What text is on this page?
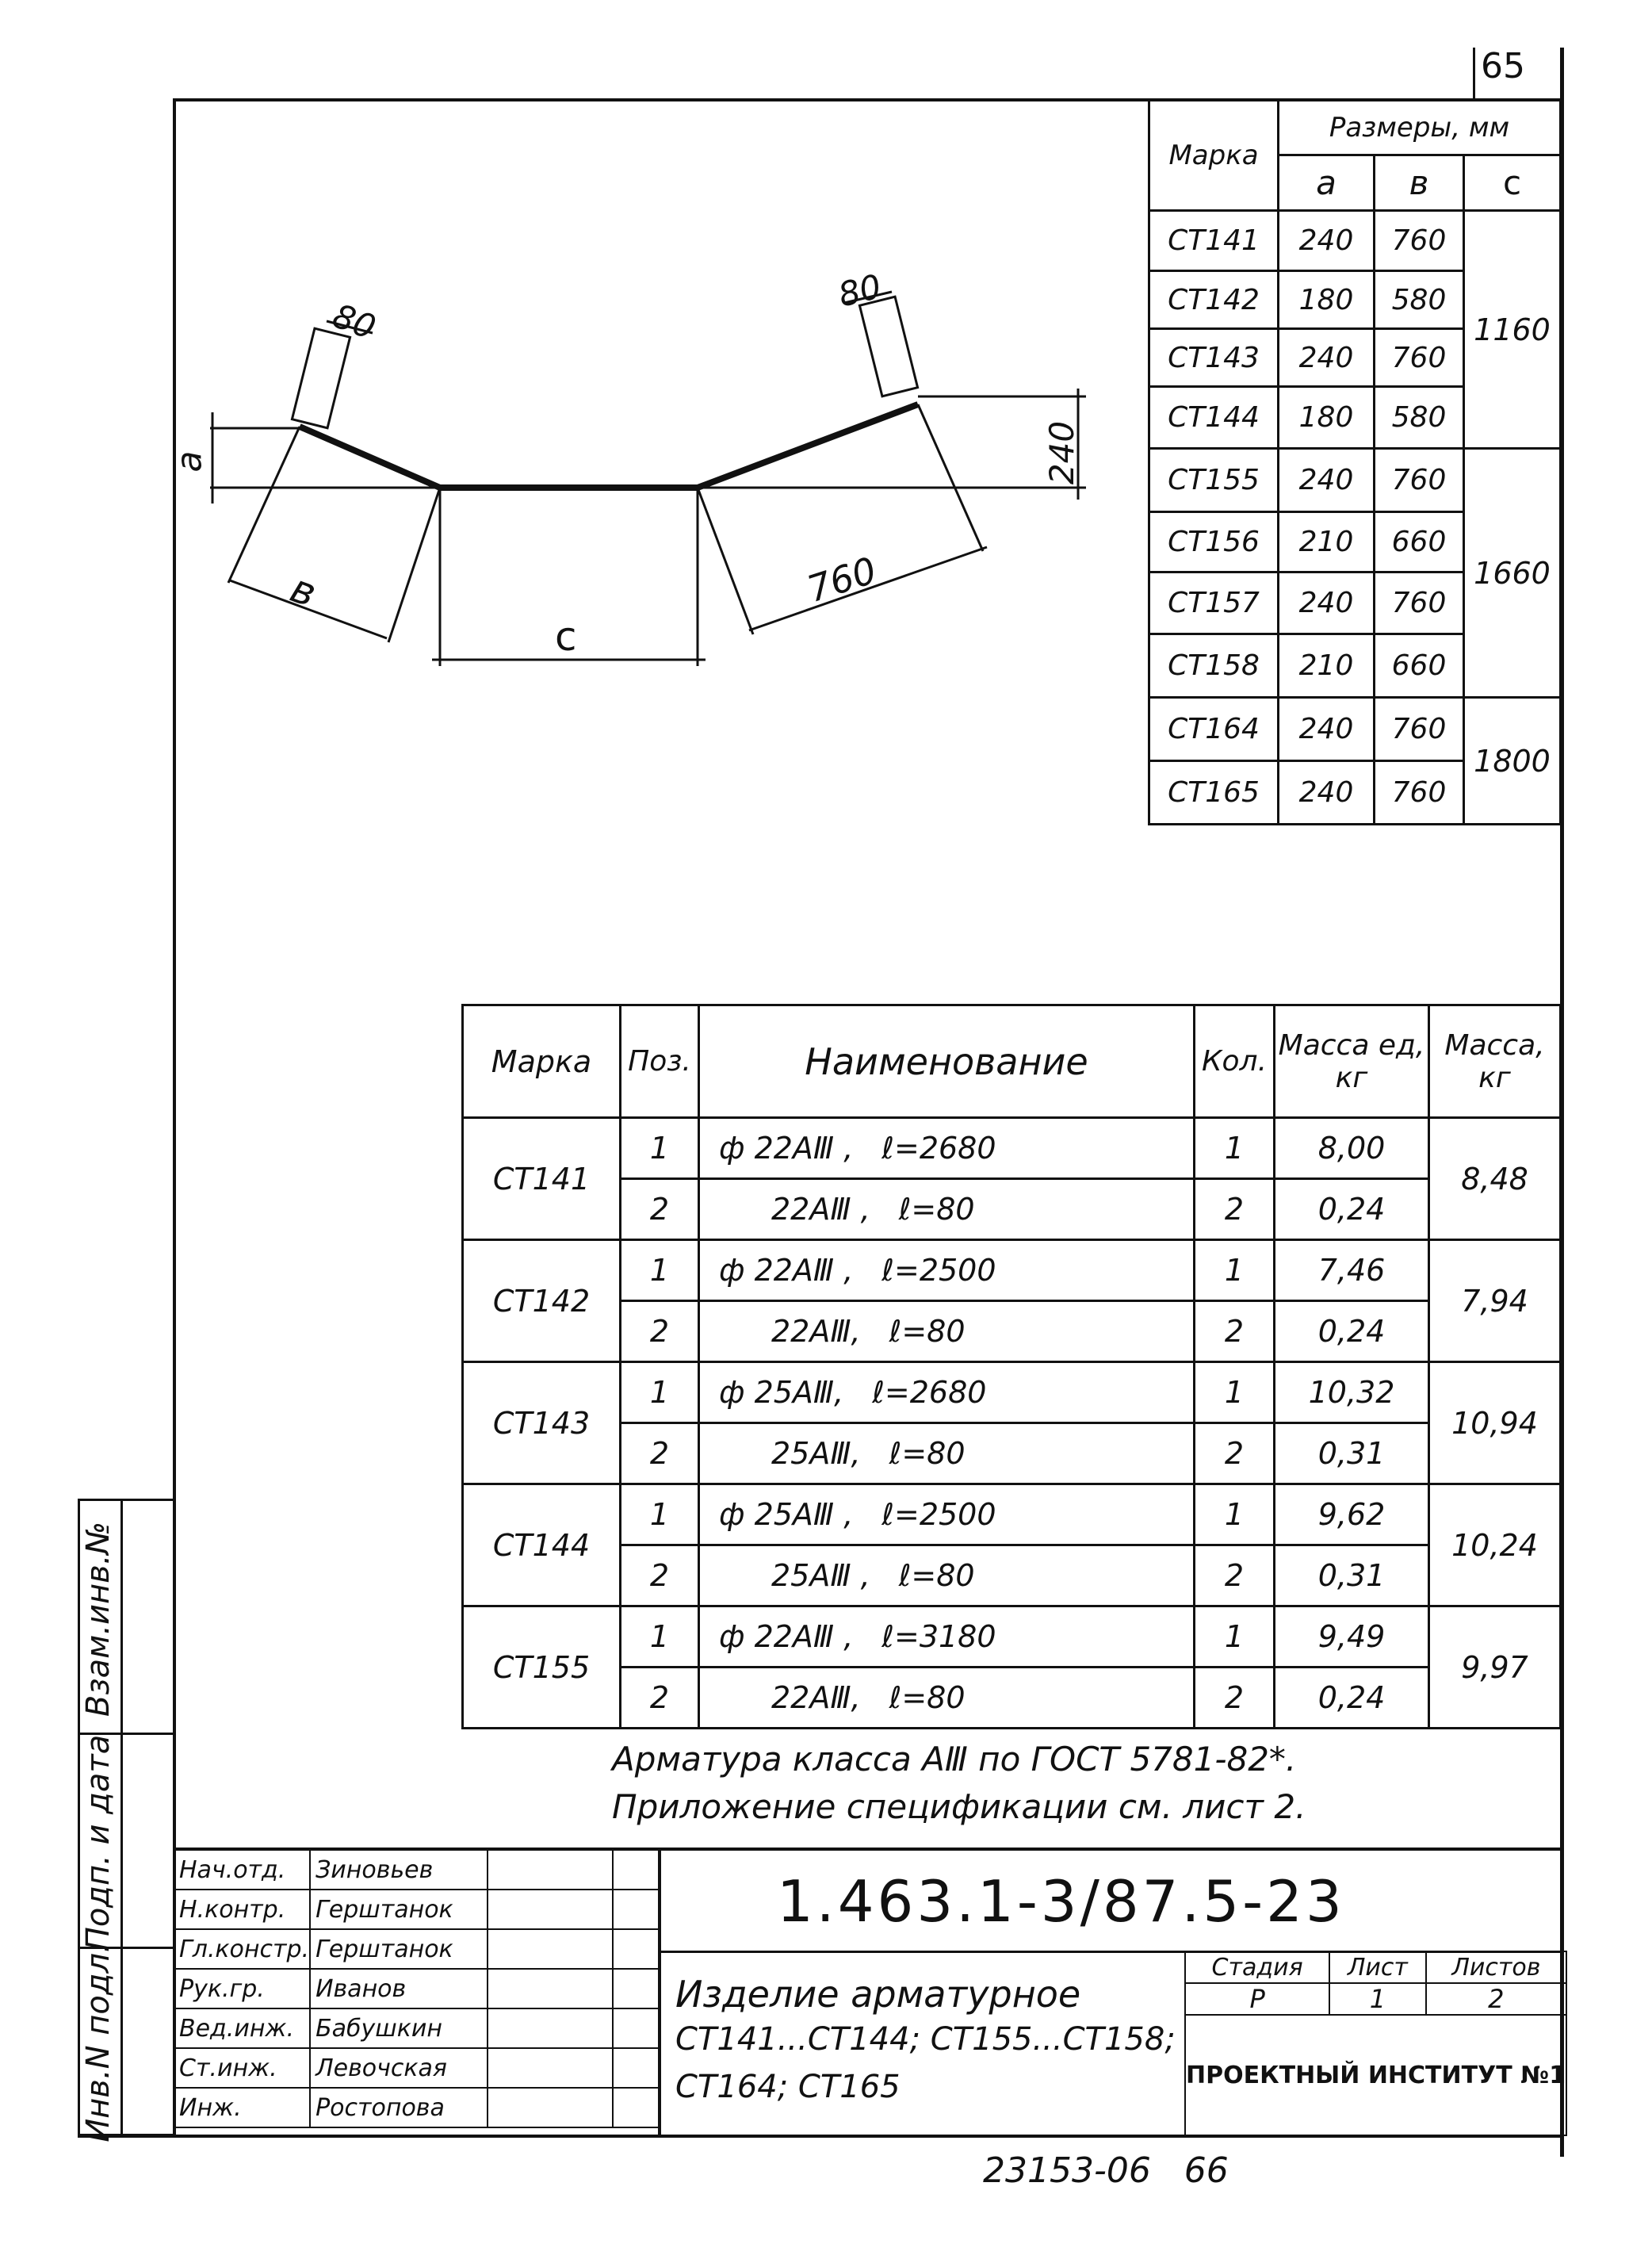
65
Взам.инв.№
Подп. и дата
Инв.N подл.
80
80
a
в
c
760
240
Марка	Размеры, мм		
	a	в	c
СТ141	240	760	1160
СТ142	180	580	
СТ143	240	760	
СТ144	180	580	
СТ155	240	760	1660
СТ156	210	660	
СТ157	240	760	
СТ158	210	660	
СТ164	240	760	1800
СТ165	240	760	
Марка	Поз.	Наименование	Кол.	Масса ед, кг	Масса, кг
СТ141	1	ф 22АⅢ , ℓ=2680	1	8,00	8,48
	2	22АⅢ , ℓ=80	2	0,24	
СТ142	1	ф 22АⅢ , ℓ=2500	1	7,46	7,94
	2	22АⅢ, ℓ=80	2	0,24	
СТ143	1	ф 25АⅢ, ℓ=2680	1	10,32	10,94
	2	25АⅢ, ℓ=80	2	0,31	
СТ144	1	ф 25АⅢ , ℓ=2500	1	9,62	10,24
	2	25АⅢ , ℓ=80	2	0,31	
СТ155	1	ф 22АⅢ , ℓ=3180	1	9,49	9,97
	2	22АⅢ, ℓ=80	2	0,24	
Арматура класса АⅢ по ГОСТ 5781-82*.
Приложение спецификации см. лист 2.
Нач.отд.	Зиновьев		
Н.контр.	Герштанок		
Гл.констр.	Герштанок		
Рук.гр.	Иванов		
Вед.инж.	Бабушкин		
Ст.инж.	Левочская		
Инж.	Ростопова		
1.463.1-3/87.5-23
Изделие арматурное
СТ141...СТ144; СТ155...СТ158;
СТ164; СТ165
Стадия	Лист	Листов
Р	1	2
ПРОЕКТНЫЙ ИНСТИТУТ №1		
23153-06   66
